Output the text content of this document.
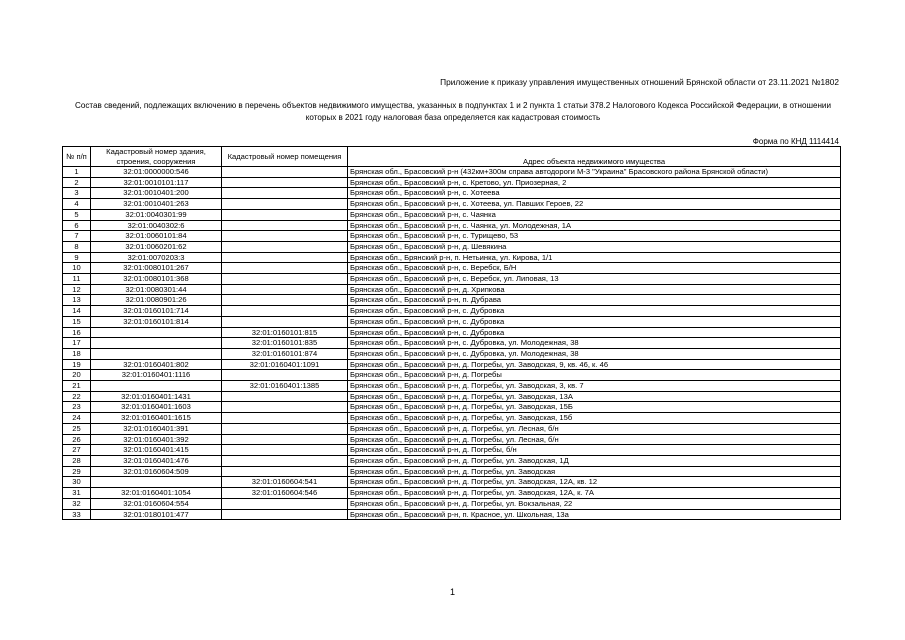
Приложение к приказу управления имущественных отношений Брянской области от 23.11.2021 №1802
Состав сведений, подлежащих включению в перечень объектов недвижимого имущества, указанных в подпунктах 1 и 2 пункта 1 статьи 378.2 Налогового Кодекса Российской Федерации, в отношении которых в 2021 году налоговая база определяется как кадастровая стоимость
Форма по КНД 1114414
№ п/п	Кадастровый номер здания, строения, сооружения	Кадастровый номер помещения	Адрес объекта недвижимого имущества
1	32:01:0000000:546		Брянская обл., Брасовский р-н (432км+300м справа автодороги М-3 "Украина" Брасовского района Брянской области)
2	32:01:0010101:117		Брянская обл., Брасовский р-н, с. Кретово, ул. Приозерная, 2
3	32:01:0010401:200		Брянская обл., Брасовский р-н, с. Хотеева
4	32:01:0010401:263		Брянская обл., Брасовский р-н, с. Хотеева, ул. Павших Героев, 22
5	32:01:0040301:99		Брянская обл., Брасовский р-н, с. Чаянка
6	32:01:0040302:6		Брянская обл., Брасовский р-н, с. Чаянка, ул. Молодежная, 1А
7	32:01:0060101:84		Брянская обл., Брасовский р-н, с. Турищево, 53
8	32:01:0060201:62		Брянская обл., Брасовский р-н, д. Шевякина
9	32:01:0070203:3		Брянская обл., Брянский р-н, п. Нетьинка, ул. Кирова, 1/1
10	32:01:0080101:267		Брянская обл., Брасовский р-н, с. Веребск, Б/Н
11	32:01:0080101:368		Брянская обл., Брасовский р-н, с. Веребск, ул. Липовая, 13
12	32:01:0080301:44		Брянская обл., Брасовский р-н, д. Хрипкова
13	32:01:0080901:26		Брянская обл., Брасовский р-н, п. Дубрава
14	32:01:0160101:714		Брянская обл., Брасовский р-н, с. Дубровка
15	32:01:0160101:814		Брянская обл., Брасовский р-н, с. Дубровка
16		32:01:0160101:815	Брянская обл., Брасовский р-н, с. Дубровка
17		32:01:0160101:835	Брянская обл., Брасовский р-н, с. Дубровка, ул. Молодежная, 38
18		32:01:0160101:874	Брянская обл., Брасовский р-н, с. Дубровка, ул. Молодежная, 38
19	32:01:0160401:802	32:01:0160401:1091	Брянская обл., Брасовский р-н, д. Погребы, ул. Заводская, 9, кв. 46, к. 46
20	32:01:0160401:1116		Брянская обл., Брасовский р-н, д. Погребы
21		32:01:0160401:1385	Брянская обл., Брасовский р-н, д. Погребы, ул. Заводская, 3, кв. 7
22	32:01:0160401:1431		Брянская обл., Брасовский р-н, д. Погребы, ул. Заводская, 13А
23	32:01:0160401:1603		Брянская обл., Брасовский р-н, д. Погребы, ул. Заводская, 15Б
24	32:01:0160401:1615		Брянская обл., Брасовский р-н, д. Погребы, ул. Заводская, 15б
25	32:01:0160401:391		Брянская обл., Брасовский р-н, д. Погребы, ул. Лесная, б/н
26	32:01:0160401:392		Брянская обл., Брасовский р-н, д. Погребы, ул. Лесная, б/н
27	32:01:0160401:415		Брянская обл., Брасовский р-н, д. Погребы, б/н
28	32:01:0160401:476		Брянская обл., Брасовский р-н, д. Погребы, ул. Заводская, 1Д
29	32:01:0160604:509		Брянская обл., Брасовский р-н, д. Погребы, ул. Заводская
30		32:01:0160604:541	Брянская обл., Брасовский р-н, д. Погребы, ул. Заводская, 12А, кв. 12
31	32:01:0160401:1054	32:01:0160604:546	Брянская обл., Брасовский р-н, д. Погребы, ул. Заводская, 12А, к. 7А
32	32:01:0160604:554		Брянская обл., Брасовский р-н, д. Погребы, ул. Вокзальная, 22
33	32:01:0180101:477		Брянская обл., Брасовский р-н, п. Красное, ул. Школьная, 13а
1
